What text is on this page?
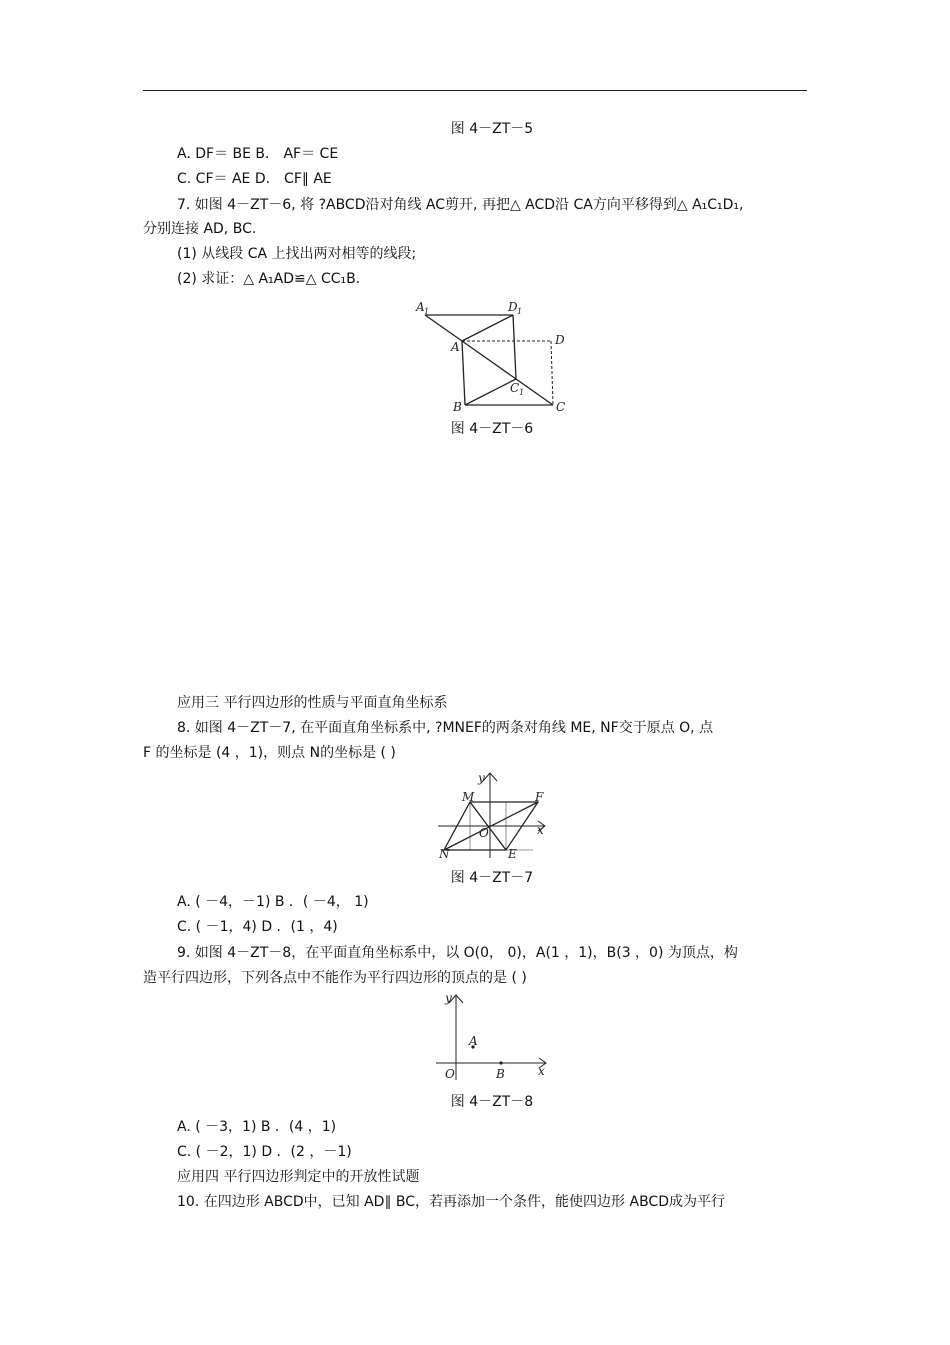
图 4－ZT－5
A. DF＝ BE B． AF＝ CE
C. CF＝ AE D． CF∥ AE
7. 如图 4－ZT－6, 将 ?ABCD沿对角线 AC剪开, 再把△ ACD沿 CA方向平移得到△ A₁C₁D₁,
分别连接 AD, BC.
(1) 从线段 CA 上找出两对相等的线段;
(2) 求证：△ A₁AD≌△ CC₁B.
A 1	D 1
A	D
C 1
B	C
图 4－ZT－6
应用三 平行四边形的性质与平面直角坐标系
8. 如图 4－ZT－7, 在平面直角坐标系中, ?MNEF的两条对角线 ME, NF交于原点 O, 点
F 的坐标是 (4 ，1)，则点 N的坐标是 ( )
y
x
M	F
O
N	E
图 4－ZT－7
A. ( －4，－1) B ．( －4， 1)
C. ( －1，4) D ．(1 ，4)
9. 如图 4－ZT－8，在平面直角坐标系中，以 O(0， 0)，A(1 ，1)，B(3 ，0) 为顶点，构
造平行四边形，下列各点中不能作为平行四边形的顶点的是 ( )
y
x
O
A
B
图 4－ZT－8
A. ( －3，1) B ．(4 ，1)
C. ( －2，1) D ．(2 ，－1)
应用四 平行四边形判定中的开放性试题
10. 在四边形 ABCD中，已知 AD∥ BC，若再添加一个条件，能使四边形 ABCD成为平行
